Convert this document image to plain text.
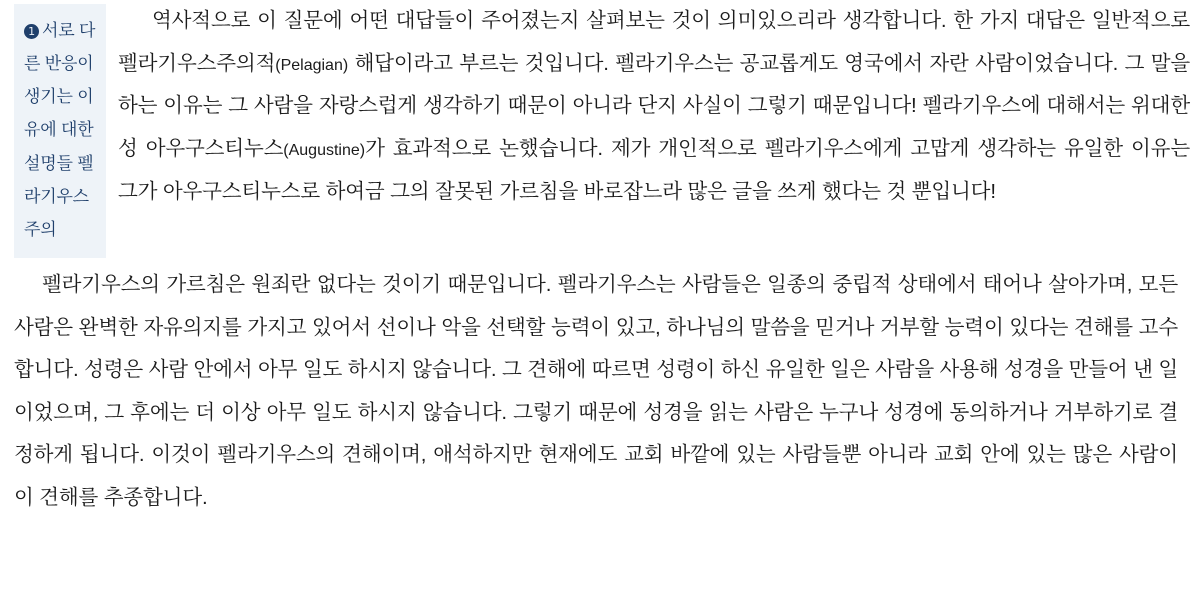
1 서로 다른 반응이 생기는 이유에 대한 설명들 펠라기우스주의

역사적으로 이 질문에 어떤 대답들이 주어졌는지 살펴보는 것이 의미있으리라 생각합니다. 한 가지 대답은 일반적으로 펠라기우스주의적(Pelagian) 해답이라고 부르는 것입니다. 펠라기우스는 공교롭게도 영국에서 자란 사람이었습니다. 그 말을 하는 이유는 그 사람을 자랑스럽게 생각하기 때문이 아니라 단지 사실이 그렇기 때문입니다! 펠라기우스에 대해서는 위대한 성 아우구스티누스(Augustine)가 효과적으로 논했습니다. 제가 개인적으로 펠라기우스에게 고맙게 생각하는 유일한 이유는 그가 아우구스티누스로 하여금 그의 잘못된 가르침을 바로잡느라 많은 글을 쓰게 했다는 것 뿐입니다!

펠라기우스의 가르침은 원죄란 없다는 것이기 때문입니다. 펠라기우스는 사람들은 일종의 중립적 상태에서 태어나 살아가며, 모든 사람은 완벽한 자유의지를 가지고 있어서 선이나 악을 선택할 능력이 있고, 하나님의 말씀을 믿거나 거부할 능력이 있다는 견해를 고수합니다. 성령은 사람 안에서 아무 일도 하시지 않습니다. 그 견해에 따르면 성령이 하신 유일한 일은 사람을 사용해 성경을 만들어 낸 일이었으며, 그 후에는 더 이상 아무 일도 하시지 않습니다. 그렇기 때문에 성경을 읽는 사람은 누구나 성경에 동의하거나 거부하기로 결정하게 됩니다. 이것이 펠라기우스의 견해이며, 애석하지만 현재에도 교회 바깥에 있는 사람들뿐 아니라 교회 안에 있는 많은 사람이 이 견해를 추종합니다.
